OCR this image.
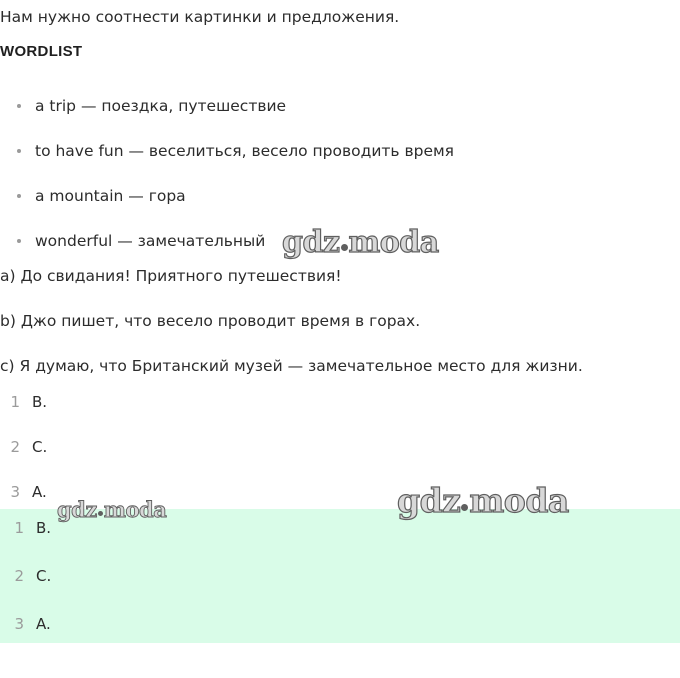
Нам нужно соотнести картинки и предложения.
WORDLIST
a trip — поездка, путешествие
to have fun — веселиться, весело проводить время
a mountain — гора
wonderful — замечательный
a) До свидания! Приятного путешествия!
b) Джо пишет, что весело проводит время в горах.
c) Я думаю, что Британский музей — замечательное место для жизни.
1 B.
2 C.
3 A.
1 B.
2 C.
3 A.
gdz moda
gdz moda
gdz moda
